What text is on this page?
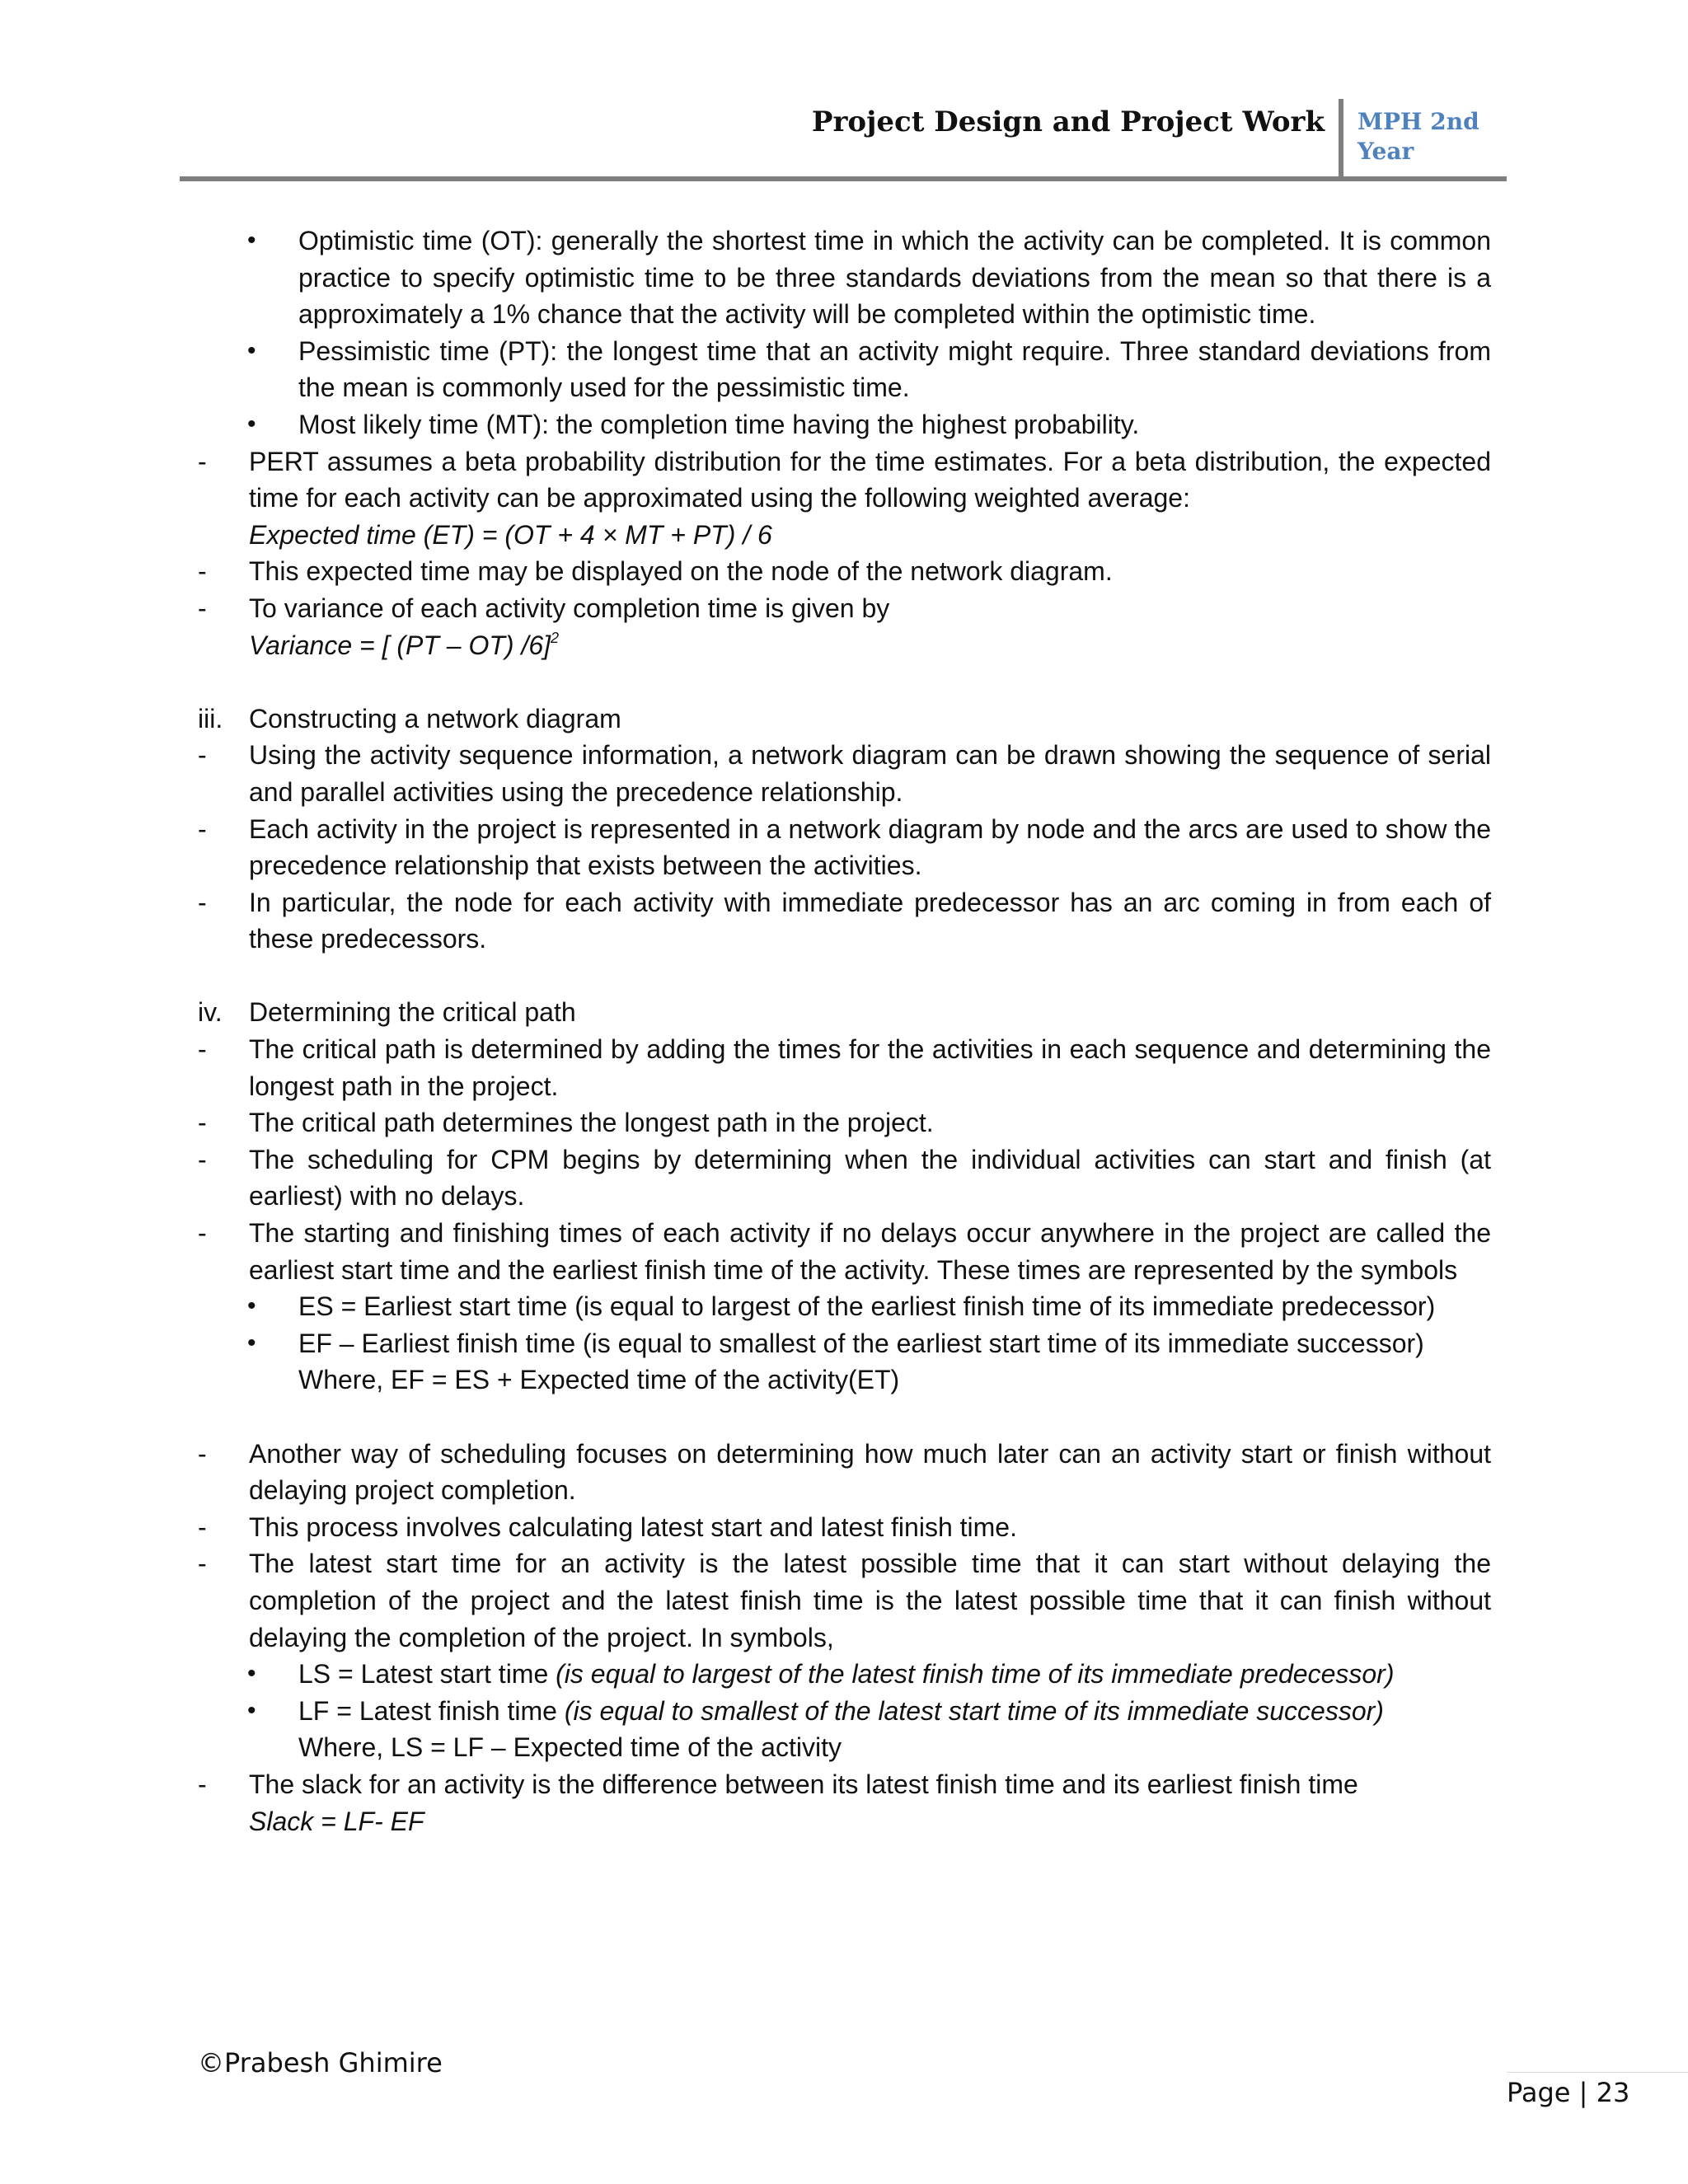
Project Design and Project Work MPH 2nd
Year
• Optimistic time (OT): generally the shortest time in which the activity can be completed. It is common practice to specify optimistic time to be three standards deviations from the mean so that there is a approximately a 1% chance that the activity will be completed within the optimistic time.
• Pessimistic time (PT): the longest time that an activity might require. Three standard deviations from the mean is commonly used for the pessimistic time.
• Most likely time (MT): the completion time having the highest probability.
- PERT assumes a beta probability distribution for the time estimates. For a beta distribution, the expected time for each activity can be approximated using the following weighted average:
Expected time (ET) = (OT + 4 × MT + PT) / 6
- This expected time may be displayed on the node of the network diagram.
- To variance of each activity completion time is given by
Variance = [ (PT – OT) /6]$^2$
iii. Constructing a network diagram
- Using the activity sequence information, a network diagram can be drawn showing the sequence of serial and parallel activities using the precedence relationship.
- Each activity in the project is represented in a network diagram by node and the arcs are used to show the precedence relationship that exists between the activities.
- In particular, the node for each activity with immediate predecessor has an arc coming in from each of these predecessors.
iv. Determining the critical path
- The critical path is determined by adding the times for the activities in each sequence and determining the longest path in the project.
- The critical path determines the longest path in the project.
- The scheduling for CPM begins by determining when the individual activities can start and finish (at earliest) with no delays.
- The starting and finishing times of each activity if no delays occur anywhere in the project are called the earliest start time and the earliest finish time of the activity. These times are represented by the symbols
• ES = Earliest start time (is equal to largest of the earliest finish time of its immediate predecessor)
• EF – Earliest finish time (is equal to smallest of the earliest start time of its immediate successor)
Where, EF = ES + Expected time of the activity(ET)
- Another way of scheduling focuses on determining how much later can an activity start or finish without delaying project completion.
- This process involves calculating latest start and latest finish time.
- The latest start time for an activity is the latest possible time that it can start without delaying the completion of the project and the latest finish time is the latest possible time that it can finish without delaying the completion of the project. In symbols,
• LS = Latest start time (is equal to largest of the latest finish time of its immediate predecessor)
• LF = Latest finish time (is equal to smallest of the latest start time of its immediate successor)
Where, LS = LF – Expected time of the activity
- The slack for an activity is the difference between its latest finish time and its earliest finish time
Slack = LF- EF
©Prabesh Ghimire
Page | 23
